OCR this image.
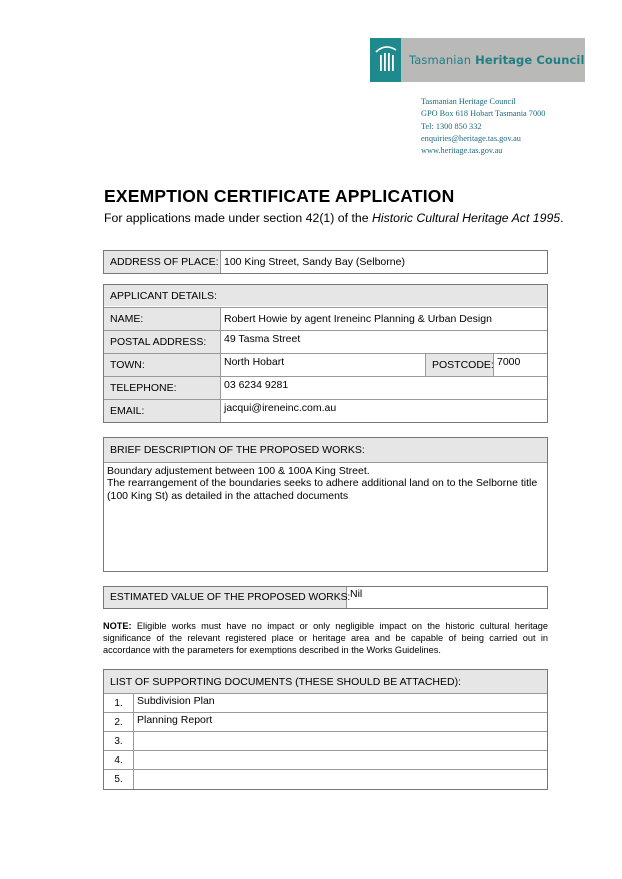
Tasmanian Heritage Council
Tasmanian Heritage Council
GPO Box 618 Hobart Tasmania 7000
Tel: 1300 850 332
enquiries@heritage.tas.gov.au
www.heritage.tas.gov.au
EXEMPTION CERTIFICATE APPLICATION
For applications made under section 42(1) of the Historic Cultural Heritage Act 1995.
ADDRESS OF PLACE: 100 King Street, Sandy Bay (Selborne)
APPLICANT DETAILS:
NAME:	Robert Howie by agent Ireneinc Planning & Urban Design
POSTAL ADDRESS:	49 Tasma Street
TOWN:	North Hobart	POSTCODE: 7000
TELEPHONE:	03 6234 9281
EMAIL:	jacqui@ireneinc.com.au
BRIEF DESCRIPTION OF THE PROPOSED WORKS:
Boundary adjustement between 100 & 100A King Street.
The rearrangement of the boundaries seeks to adhere additional land on to the Selborne title
(100 King St) as detailed in the attached documents
ESTIMATED VALUE OF THE PROPOSED WORKS: Nil
NOTE: Eligible works must have no impact or only negligible impact on the historic cultural heritage significance of the relevant registered place or heritage area and be capable of being carried out in accordance with the parameters for exemptions described in the Works Guidelines.
LIST OF SUPPORTING DOCUMENTS (THESE SHOULD BE ATTACHED):
1.	Subdivision Plan
2.	Planning Report
3.
4.
5.
